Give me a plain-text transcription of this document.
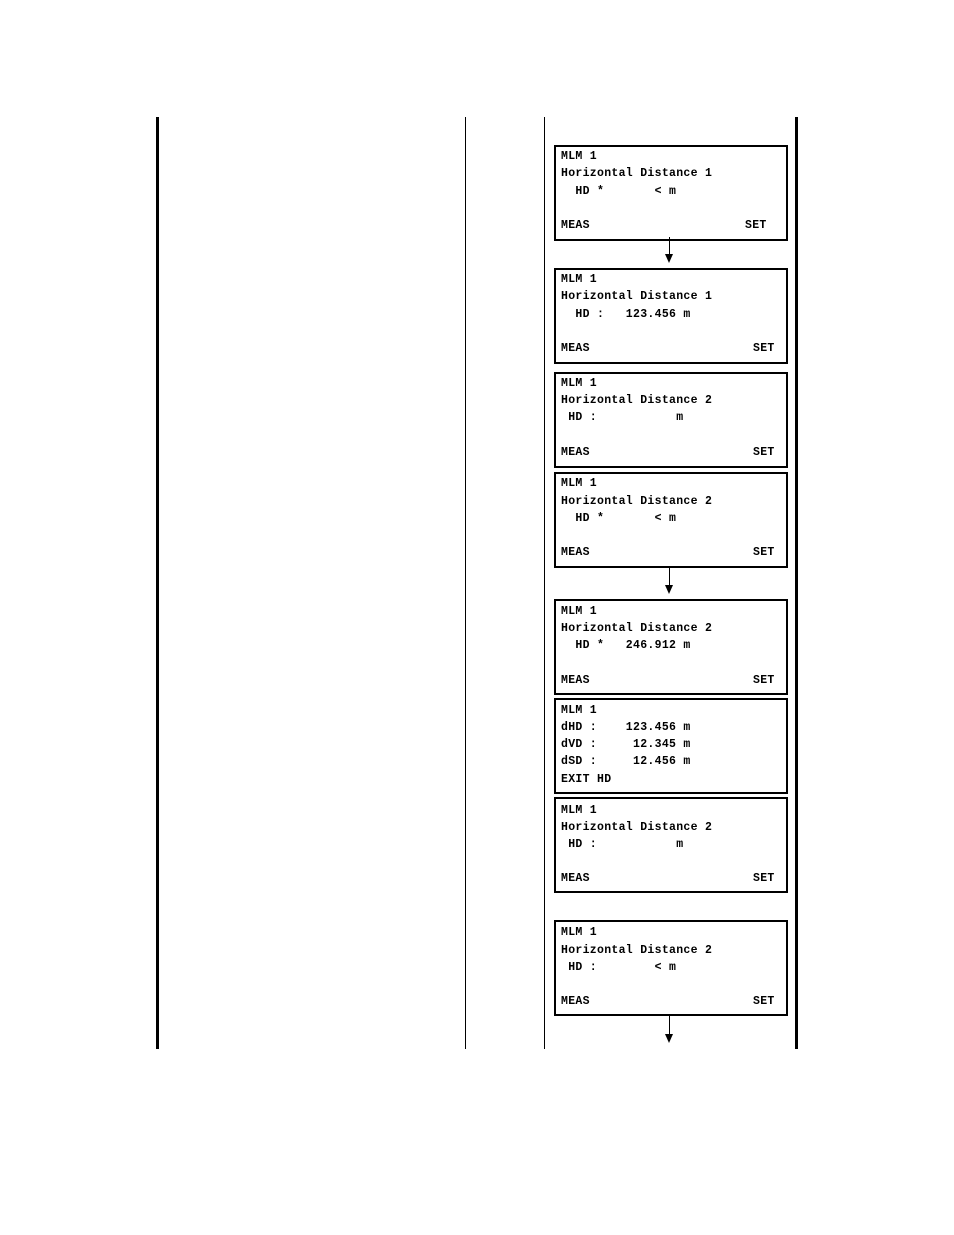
MLM 1
Horizontal Distance 1
HD *       < m
MEAS	SET
MLM 1
Horizontal Distance 1
HD :   123.456 m
MEAS	SET
MLM 1
Horizontal Distance 2
HD :           m
MEAS	SET
MLM 1
Horizontal Distance 2
HD *       < m
MEAS	SET
MLM 1
Horizontal Distance 2
HD *   246.912 m
MEAS	SET
MLM 1
dHD :    123.456 m
dVD :     12.345 m
dSD :     12.456 m
EXIT HD
MLM 1
Horizontal Distance 2
HD :           m
MEAS	SET
MLM 1
Horizontal Distance 2
HD :        < m
MEAS	SET
